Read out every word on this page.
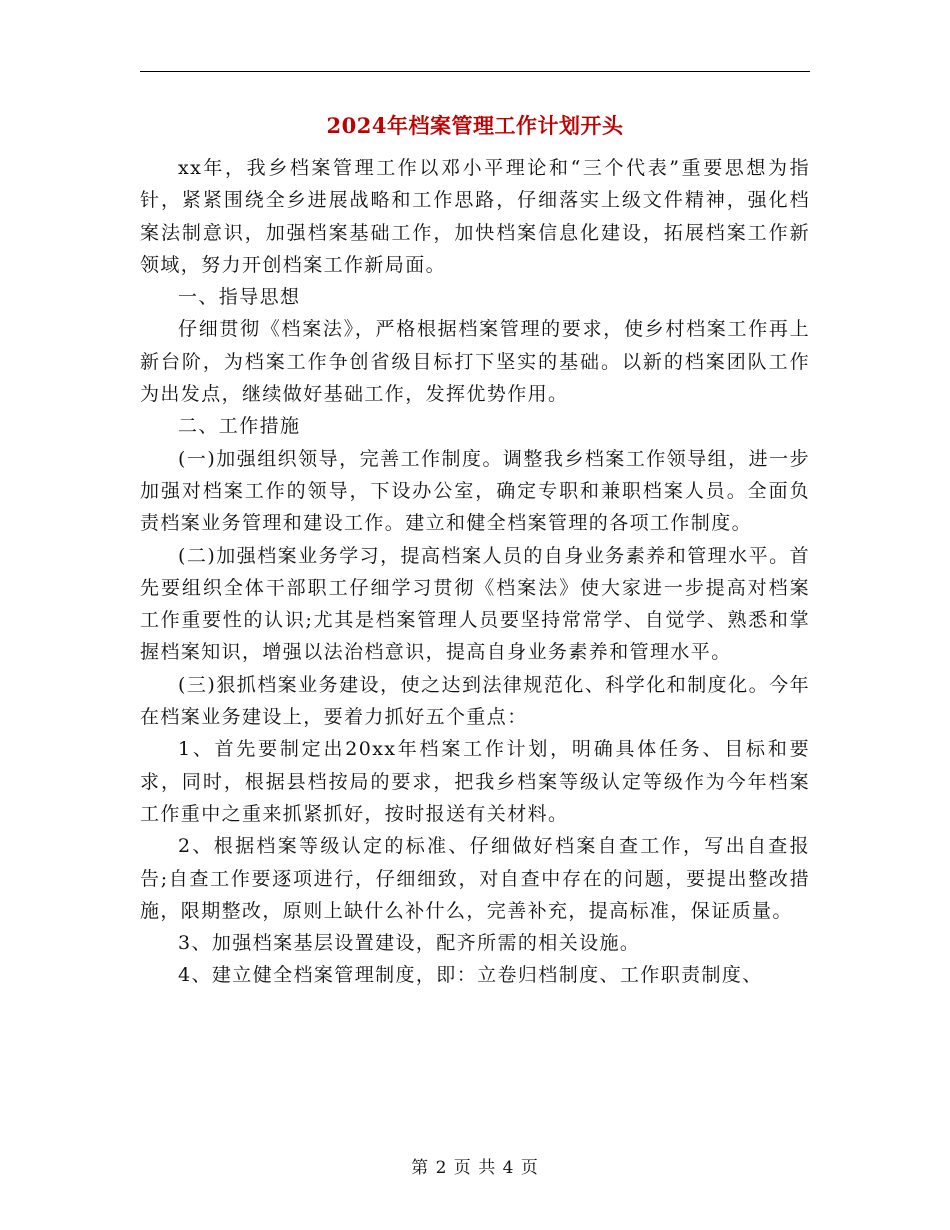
2024年档案管理工作计划开头

xx年，我乡档案管理工作以邓小平理论和“三个代表”重要思想为指针，紧紧围绕全乡进展战略和工作思路，仔细落实上级文件精神，强化档案法制意识，加强档案基础工作，加快档案信息化建设，拓展档案工作新领域，努力开创档案工作新局面。

一、指导思想

仔细贯彻《档案法》，严格根据档案管理的要求，使乡村档案工作再上新台阶，为档案工作争创省级目标打下坚实的基础。以新的档案团队工作为出发点，继续做好基础工作，发挥优势作用。

二、工作措施

(一)加强组织领导，完善工作制度。调整我乡档案工作领导组，进一步加强对档案工作的领导，下设办公室，确定专职和兼职档案人员。全面负责档案业务管理和建设工作。建立和健全档案管理的各项工作制度。

(二)加强档案业务学习，提高档案人员的自身业务素养和管理水平。首先要组织全体干部职工仔细学习贯彻《档案法》使大家进一步提高对档案工作重要性的认识;尤其是档案管理人员要坚持常常学、自觉学、熟悉和掌握档案知识，增强以法治档意识，提高自身业务素养和管理水平。

(三)狠抓档案业务建设，使之达到法律规范化、科学化和制度化。今年在档案业务建设上，要着力抓好五个重点：

1、首先要制定出20xx年档案工作计划，明确具体任务、目标和要求，同时，根据县档按局的要求，把我乡档案等级认定等级作为今年档案工作重中之重来抓紧抓好，按时报送有关材料。

2、根据档案等级认定的标准、仔细做好档案自查工作，写出自查报告;自查工作要逐项进行，仔细细致，对自查中存在的问题，要提出整改措施，限期整改，原则上缺什么补什么，完善补充，提高标准，保证质量。

3、加强档案基层设置建设，配齐所需的相关设施。

4、建立健全档案管理制度，即：立卷归档制度、工作职责制度、

第 2 页 共 4 页
